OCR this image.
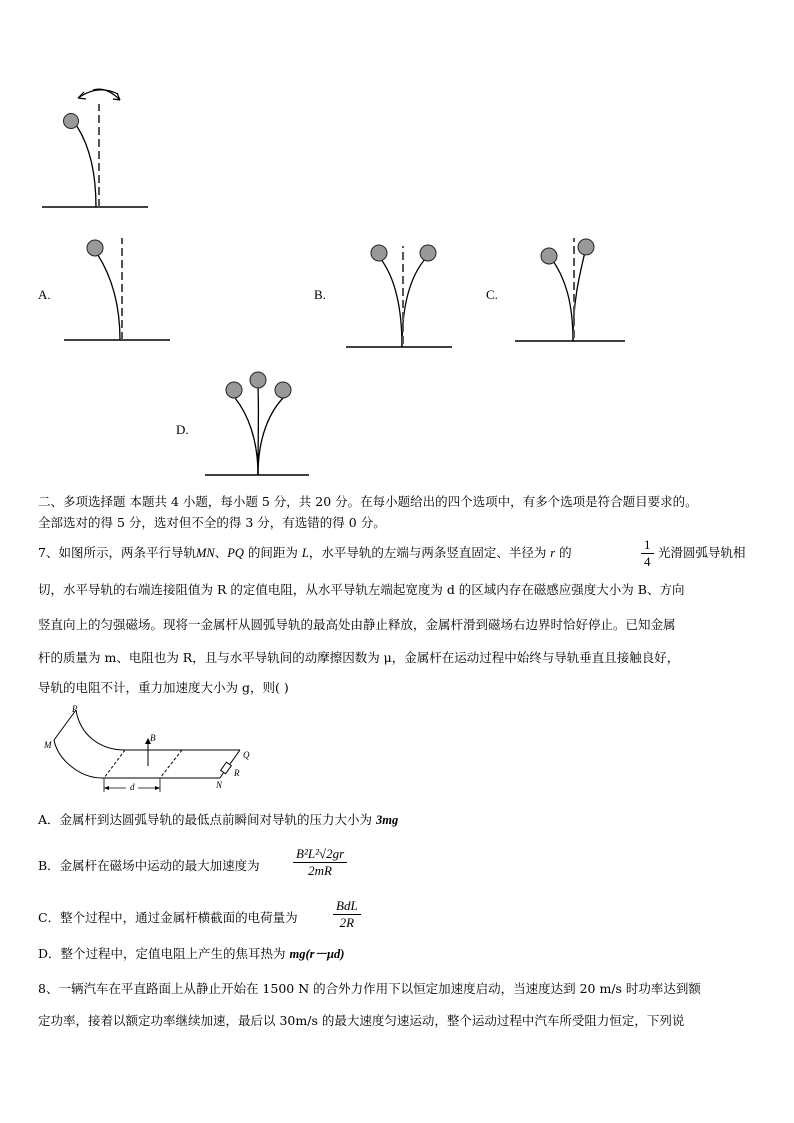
A.	B.	C.
D.
二、多项选择题 本题共 4 小题，每小题 5 分，共 20 分。在每小题给出的四个选项中，有多个选项是符合题目要求的。
全部选对的得 5 分，选对但不全的得 3 分，有选错的得 0 分。
7、如图所示，两条平行导轨MN、PQ 的间距为 L，水平导轨的左端与两条竖直固定、半径为 r 的	$\frac{1}{4}$ 光滑圆弧导轨相
切，水平导轨的右端连接阻值为 R 的定值电阻，从水平导轨左端起宽度为 d 的区域内存在磁感应强度大小为 B、方向
竖直向上的匀强磁场。现将一金属杆从圆弧导轨的最高处由静止释放，金属杆滑到磁场右边界时恰好停止。已知金属
杆的质量为 m、电阻也为 R，且与水平导轨间的动摩擦因数为 μ，金属杆在运动过程中始终与导轨垂直且接触良好，
导轨的电阻不计，重力加速度大小为 g，则( )
P
M
B
Q
R
N
d
A．金属杆到达圆弧导轨的最低点前瞬间对导轨的压力大小为 3mg
B．金属杆在磁场中运动的最大加速度为	$\frac{\text{B²L²√2gr}}{2mR}$
C．整个过程中，通过金属杆横截面的电荷量为
BdL
2R
D．整个过程中，定值电阻上产生的焦耳热为 mg(r－μd)
8、一辆汽车在平直路面上从静止开始在 1500 N 的合外力作用下以恒定加速度启动，当速度达到 20 m/s 时功率达到额
定功率，接着以额定功率继续加速，最后以 30m/s 的最大速度匀速运动，整个运动过程中汽车所受阻力恒定，下列说
